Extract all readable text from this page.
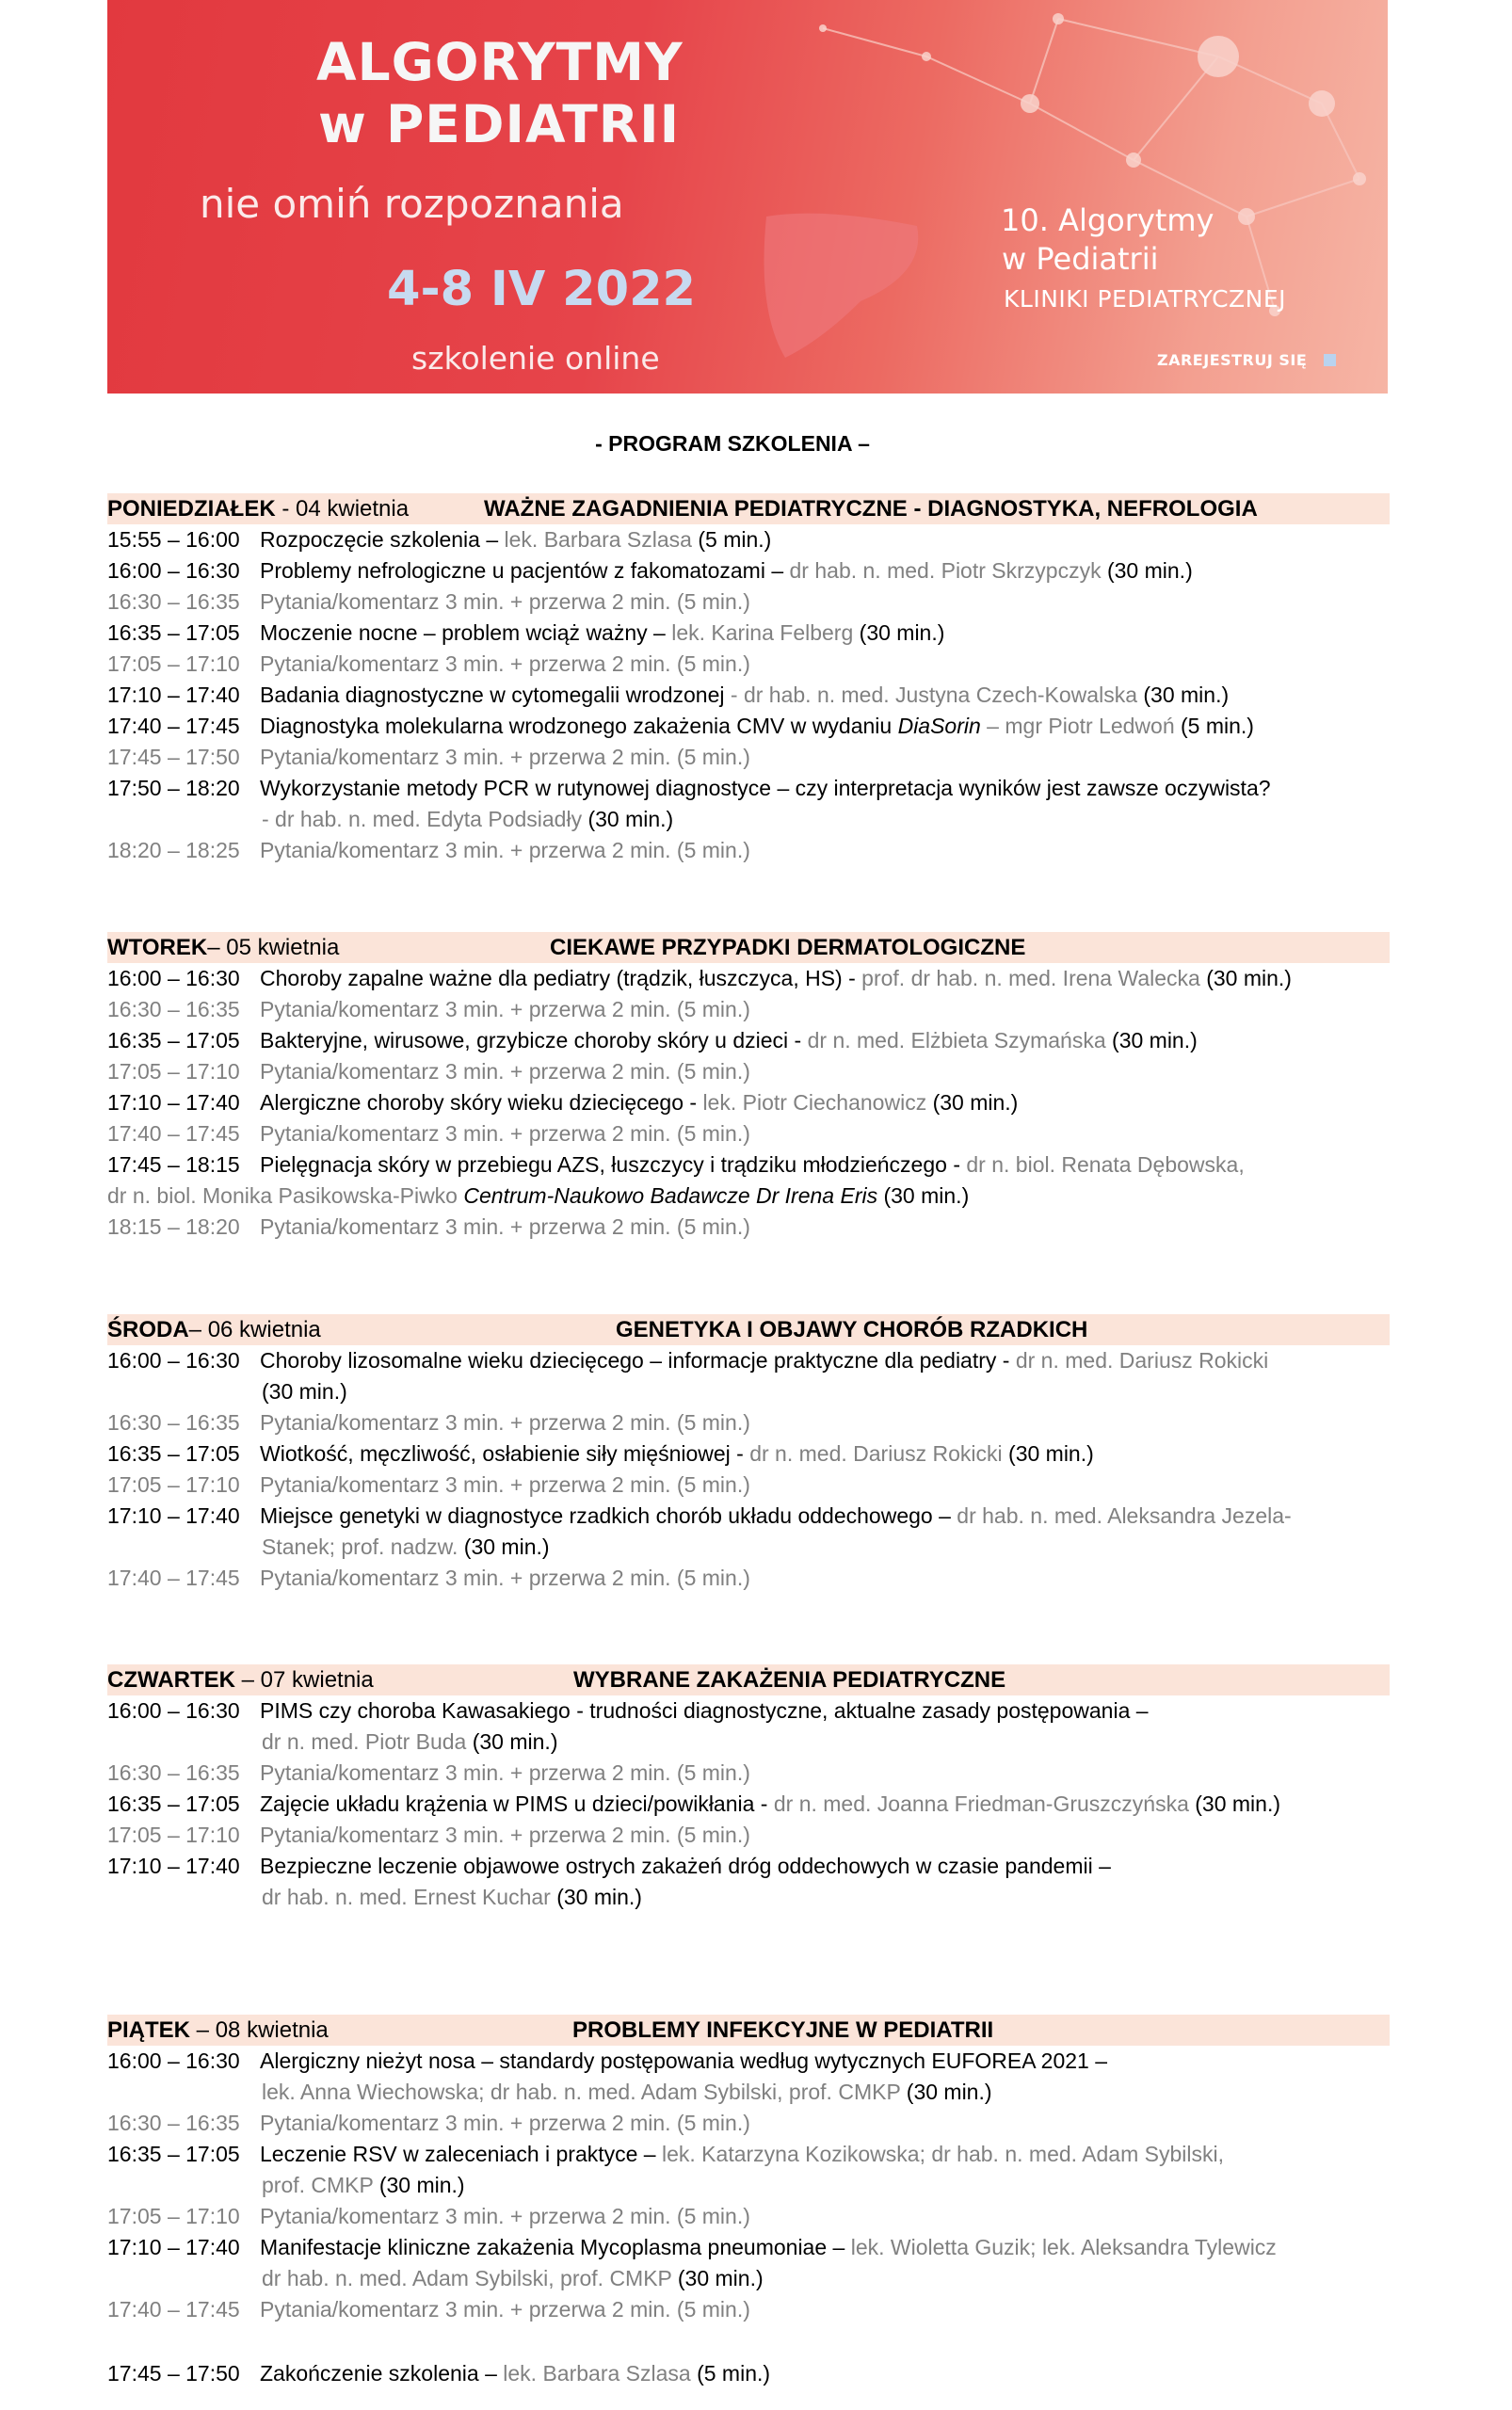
ALGORYTMY
w PEDIATRII
nie omiń rozpoznania
4-8 IV 2022
szkolenie online
10. Algorytmy
w Pediatrii
KLINIKI PEDIATRYCZNEJ
ZAREJESTRUJ SIĘ
- PROGRAM SZKOLENIA –
PONIEDZIAŁEK - 04 kwietnia	WAŻNE ZAGADNIENIA PEDIATRYCZNE - DIAGNOSTYKA, NEFROLOGIA
15:55 – 16:00 Rozpoczęcie szkolenia – lek. Barbara Szlasa (5 min.)
16:00 – 16:30 Problemy nefrologiczne u pacjentów z fakomatozami – dr hab. n. med. Piotr Skrzypczyk (30 min.)
16:30 – 16:35 Pytania/komentarz 3 min. + przerwa 2 min. (5 min.)
16:35 – 17:05 Moczenie nocne – problem wciąż ważny – lek. Karina Felberg (30 min.)
17:05 – 17:10 Pytania/komentarz 3 min. + przerwa 2 min. (5 min.)
17:10 – 17:40 Badania diagnostyczne w cytomegalii wrodzonej - dr hab. n. med. Justyna Czech-Kowalska (30 min.)
17:40 – 17:45 Diagnostyka molekularna wrodzonego zakażenia CMV w wydaniu DiaSorin – mgr Piotr Ledwoń (5 min.)
17:45 – 17:50 Pytania/komentarz 3 min. + przerwa 2 min. (5 min.)
17:50 – 18:20 Wykorzystanie metody PCR w rutynowej diagnostyce – czy interpretacja wyników jest zawsze oczywista?
- dr hab. n. med. Edyta Podsiadły (30 min.)
18:20 – 18:25 Pytania/komentarz 3 min. + przerwa 2 min. (5 min.)
WTOREK– 05 kwietnia	CIEKAWE PRZYPADKI DERMATOLOGICZNE
16:00 – 16:30 Choroby zapalne ważne dla pediatry (trądzik, łuszczyca, HS) - prof. dr hab. n. med. Irena Walecka (30 min.)
16:30 – 16:35 Pytania/komentarz 3 min. + przerwa 2 min. (5 min.)
16:35 – 17:05 Bakteryjne, wirusowe, grzybicze choroby skóry u dzieci - dr n. med. Elżbieta Szymańska (30 min.)
17:05 – 17:10 Pytania/komentarz 3 min. + przerwa 2 min. (5 min.)
17:10 – 17:40 Alergiczne choroby skóry wieku dziecięcego - lek. Piotr Ciechanowicz (30 min.)
17:40 – 17:45 Pytania/komentarz 3 min. + przerwa 2 min. (5 min.)
17:45 – 18:15 Pielęgnacja skóry w przebiegu AZS, łuszczycy i trądziku młodzieńczego - dr n. biol. Renata Dębowska,
dr n. biol. Monika Pasikowska-Piwko Centrum-Naukowo Badawcze Dr Irena Eris (30 min.)
18:15 – 18:20 Pytania/komentarz 3 min. + przerwa 2 min. (5 min.)
ŚRODA– 06 kwietnia	GENETYKA I OBJAWY CHORÓB RZADKICH
16:00 – 16:30 Choroby lizosomalne wieku dziecięcego – informacje praktyczne dla pediatry - dr n. med. Dariusz Rokicki
(30 min.)
16:30 – 16:35 Pytania/komentarz 3 min. + przerwa 2 min. (5 min.)
16:35 – 17:05 Wiotkość, męczliwość, osłabienie siły mięśniowej - dr n. med. Dariusz Rokicki (30 min.)
17:05 – 17:10 Pytania/komentarz 3 min. + przerwa 2 min. (5 min.)
17:10 – 17:40 Miejsce genetyki w diagnostyce rzadkich chorób układu oddechowego – dr hab. n. med. Aleksandra Jezela-
Stanek; prof. nadzw. (30 min.)
17:40 – 17:45 Pytania/komentarz 3 min. + przerwa 2 min. (5 min.)
CZWARTEK – 07 kwietnia	WYBRANE ZAKAŻENIA PEDIATRYCZNE
16:00 – 16:30 PIMS czy choroba Kawasakiego - trudności diagnostyczne, aktualne zasady postępowania –
dr n. med. Piotr Buda (30 min.)
16:30 – 16:35 Pytania/komentarz 3 min. + przerwa 2 min. (5 min.)
16:35 – 17:05 Zajęcie układu krążenia w PIMS u dzieci/powikłania - dr n. med. Joanna Friedman-Gruszczyńska (30 min.)
17:05 – 17:10 Pytania/komentarz 3 min. + przerwa 2 min. (5 min.)
17:10 – 17:40 Bezpieczne leczenie objawowe ostrych zakażeń dróg oddechowych w czasie pandemii –
dr hab. n. med. Ernest Kuchar (30 min.)
PIĄTEK – 08 kwietnia	PROBLEMY INFEKCYJNE W PEDIATRII
16:00 – 16:30 Alergiczny nieżyt nosa – standardy postępowania według wytycznych EUFOREA 2021 –
lek. Anna Wiechowska; dr hab. n. med. Adam Sybilski, prof. CMKP (30 min.)
16:30 – 16:35 Pytania/komentarz 3 min. + przerwa 2 min. (5 min.)
16:35 – 17:05 Leczenie RSV w zaleceniach i praktyce – lek. Katarzyna Kozikowska; dr hab. n. med. Adam Sybilski,
prof. CMKP (30 min.)
17:05 – 17:10 Pytania/komentarz 3 min. + przerwa 2 min. (5 min.)
17:10 – 17:40 Manifestacje kliniczne zakażenia Mycoplasma pneumoniae – lek. Wioletta Guzik; lek. Aleksandra Tylewicz
dr hab. n. med. Adam Sybilski, prof. CMKP (30 min.)
17:40 – 17:45 Pytania/komentarz 3 min. + przerwa 2 min. (5 min.)
17:45 – 17:50 Zakończenie szkolenia – lek. Barbara Szlasa (5 min.)
